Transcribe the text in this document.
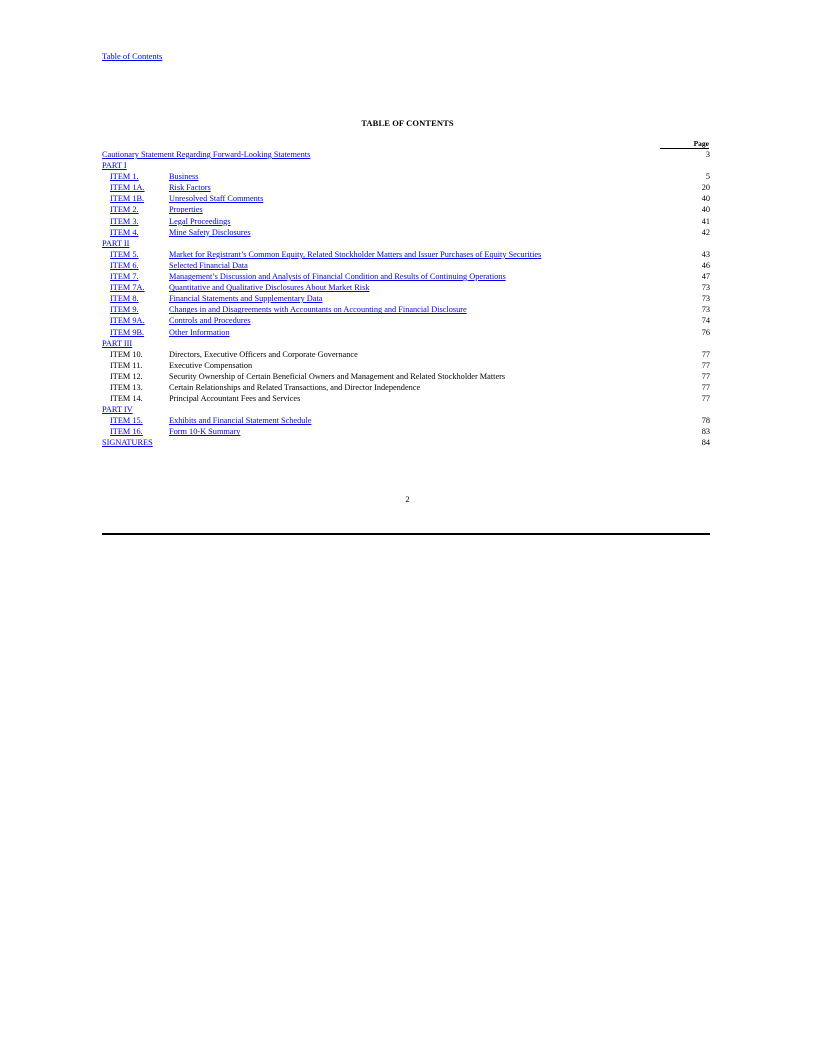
Table of Contents
TABLE OF CONTENTS
Page
Cautionary Statement Regarding Forward-Looking Statements	3
PART I
ITEM 1.	Business	5
ITEM 1A.	Risk Factors	20
ITEM 1B.	Unresolved Staff Comments	40
ITEM 2.	Properties	40
ITEM 3.	Legal Proceedings	41
ITEM 4.	Mine Safety Disclosures	42
PART II
ITEM 5.	Market for Registrant’s Common Equity, Related Stockholder Matters and Issuer Purchases of Equity Securities	43
ITEM 6.	Selected Financial Data	46
ITEM 7.	Management’s Discussion and Analysis of Financial Condition and Results of Continuing Operations	47
ITEM 7A.	Quantitative and Qualitative Disclosures About Market Risk	73
ITEM 8.	Financial Statements and Supplementary Data	73
ITEM 9.	Changes in and Disagreements with Accountants on Accounting and Financial Disclosure	73
ITEM 9A.	Controls and Procedures	74
ITEM 9B.	Other Information	76
PART III
ITEM 10.	Directors, Executive Officers and Corporate Governance	77
ITEM 11.	Executive Compensation	77
ITEM 12.	Security Ownership of Certain Beneficial Owners and Management and Related Stockholder Matters	77
ITEM 13.	Certain Relationships and Related Transactions, and Director Independence	77
ITEM 14.	Principal Accountant Fees and Services	77
PART IV
ITEM 15.	Exhibits and Financial Statement Schedule	78
ITEM 16.	Form 10-K Summary	83
SIGNATURES	84
2
